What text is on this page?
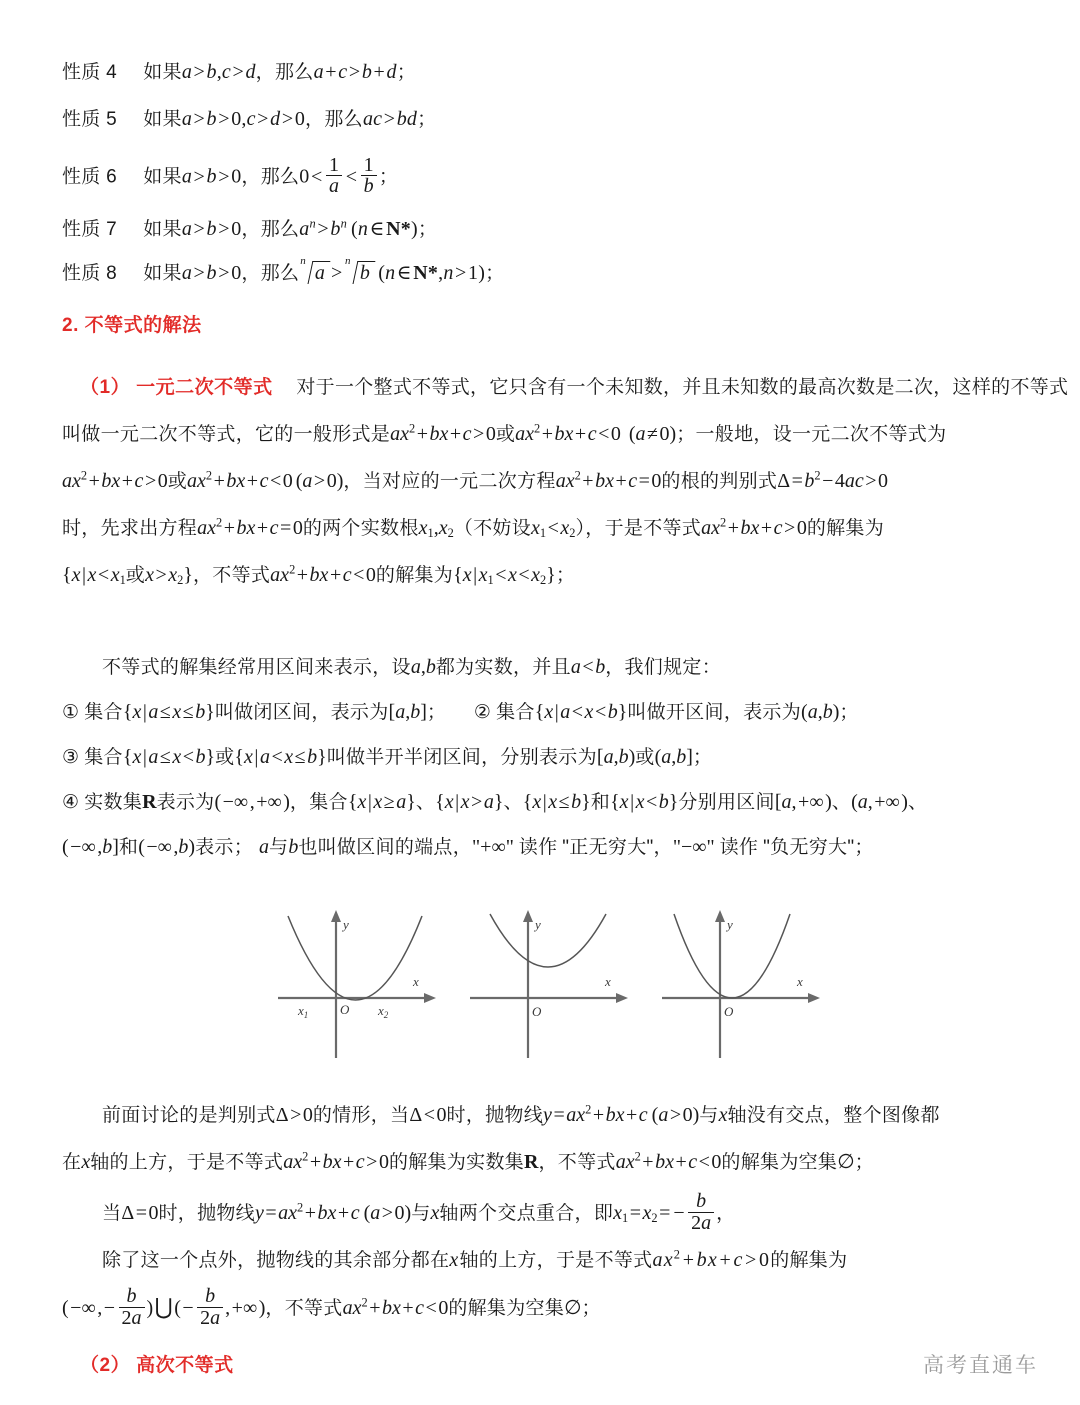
性质 4 如果a>b,c>d，那么a+c>b+d；
性质 5 如果a>b>0,c>d>0，那么ac>bd；
性质 6 如果a>b>0，那么$0< \frac{1}{a} < \frac{1}{b}$ ；
性质 7 如果a>b>0，那么$a^n>b^n$ (n∈N*)；
性质 8 如果a>b>0，那么
n
a >
n
b (n∈N*,n>1)；
2. 不等式的解法
（1） 一元二次不等式 对于一个整式不等式，它只含有一个未知数，并且未知数的最高次数是二次，这样的不等式
叫做一元二次不等式，它的一般形式是$ax^2+bx+c>0$或$ax^2+bx+c<0$ (a≠0)；一般地，设一元二次不等式为
$ax^2+bx+c>0$或$ax^2+bx+c<0$ (a>0)，当对应的一元二次方程$ax^2+bx+c=0$的根的判别式$\Delta=b^2-4ac>0$
时，先求出方程$ax^2+bx+c=0$的两个实数根$x_1,x_2$（不妨设$x_1<x_2$），于是不等式$ax^2+bx+c>0$的解集为
{$x|x<x_1$或$x>x_2$}，不等式$ax^2+bx+c<0$的解集为$\{x|x_1<x<x_2\}$；
不等式的解集经常用区间来表示，设a,b都为实数，并且a<b，我们规定：
① 集合{x|a≤x≤b}叫做闭区间，表示为[a,b]； ② 集合{x|a<x<b}叫做开区间，表示为(a,b)；
③ 集合{x|a≤x<b}或{x|a<x≤b}叫做半开半闭区间，分别表示为[a,b)或(a,b]；
④ 实数集R表示为(−∞,+∞)，集合{x|x≥a}、{x|x>a}、{x|x≤b}和{x|x<b}分别用区间[a,+∞)、(a,+∞)、
(−∞,b]和(−∞,b)表示； a与b也叫做区间的端点，"+∞" 读作 "正无穷大"，"−∞" 读作 "负无穷大"；
x
y
O
$x_1$	$x_2$
x
y
O
x
y
O
前面讨论的是判别式Δ>0的情形，当Δ<0时，抛物线$y=ax^2+bx+c$ (a>0)与x轴没有交点，整个图像都
在x轴的上方，于是不等式$ax^2+bx+c>0$的解集为实数集R，不等式$ax^2+bx+c<0$的解集为空集∅；
当Δ=0时，抛物线$y=ax^2+bx+c$ (a>0)与x轴两个交点重合，即$x_1=x_2= - \frac{b}{2a}$ ，
除了这一个点外，抛物线的其余部分都在x轴的上方，于是不等式$ax^2+bx+c>0$的解集为
(−∞,− $\frac{b}{2a}$ )⋃(− $\frac{b}{2a}$ ,+∞)，不等式$ax^2+bx+c<0$的解集为空集∅；
（2） 高次不等式	高考直通车
